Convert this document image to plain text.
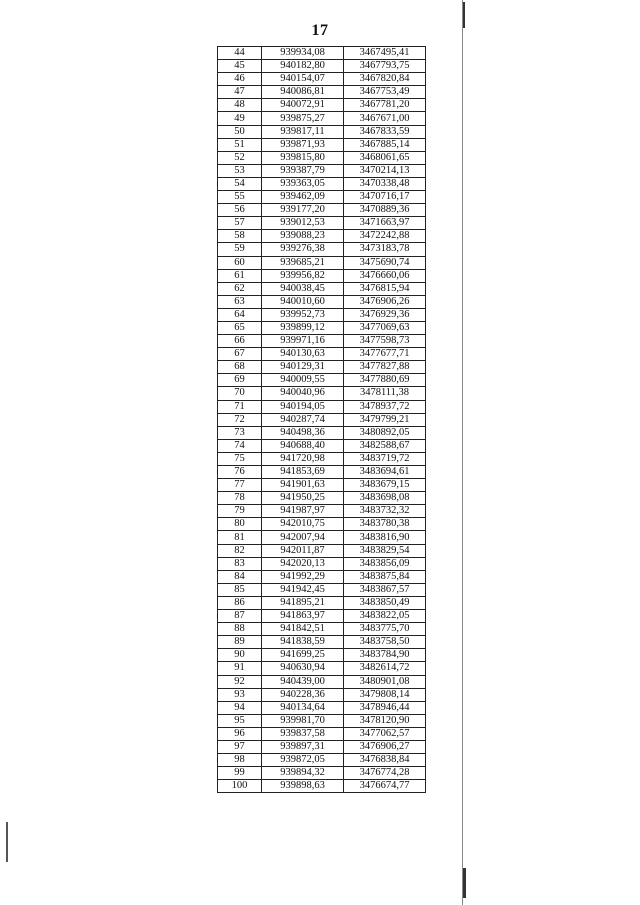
17
44	939934,08	3467495,41
45	940182,80	3467793,75
46	940154,07	3467820,84
47	940086,81	3467753,49
48	940072,91	3467781,20
49	939875,27	3467671,00
50	939817,11	3467833,59
51	939871,93	3467885,14
52	939815,80	3468061,65
53	939387,79	3470214,13
54	939363,05	3470338,48
55	939462,09	3470716,17
56	939177,20	3470889,36
57	939012,53	3471663,97
58	939088,23	3472242,88
59	939276,38	3473183,78
60	939685,21	3475690,74
61	939956,82	3476660,06
62	940038,45	3476815,94
63	940010,60	3476906,26
64	939952,73	3476929,36
65	939899,12	3477069,63
66	939971,16	3477598,73
67	940130,63	3477677,71
68	940129,31	3477827,88
69	940009,55	3477880,69
70	940040,96	3478111,38
71	940194,05	3478937,72
72	940287,74	3479799,21
73	940498,36	3480892,05
74	940688,40	3482588,67
75	941720,98	3483719,72
76	941853,69	3483694,61
77	941901,63	3483679,15
78	941950,25	3483698,08
79	941987,97	3483732,32
80	942010,75	3483780,38
81	942007,94	3483816,90
82	942011,87	3483829,54
83	942020,13	3483856,09
84	941992,29	3483875,84
85	941942,45	3483867,57
86	941895,21	3483850,49
87	941863,97	3483822,05
88	941842,51	3483775,70
89	941838,59	3483758,50
90	941699,25	3483784,90
91	940630,94	3482614,72
92	940439,00	3480901,08
93	940228,36	3479808,14
94	940134,64	3478946,44
95	939981,70	3478120,90
96	939837,58	3477062,57
97	939897,31	3476906,27
98	939872,05	3476838,84
99	939894,32	3476774,28
100	939898,63	3476674,77
